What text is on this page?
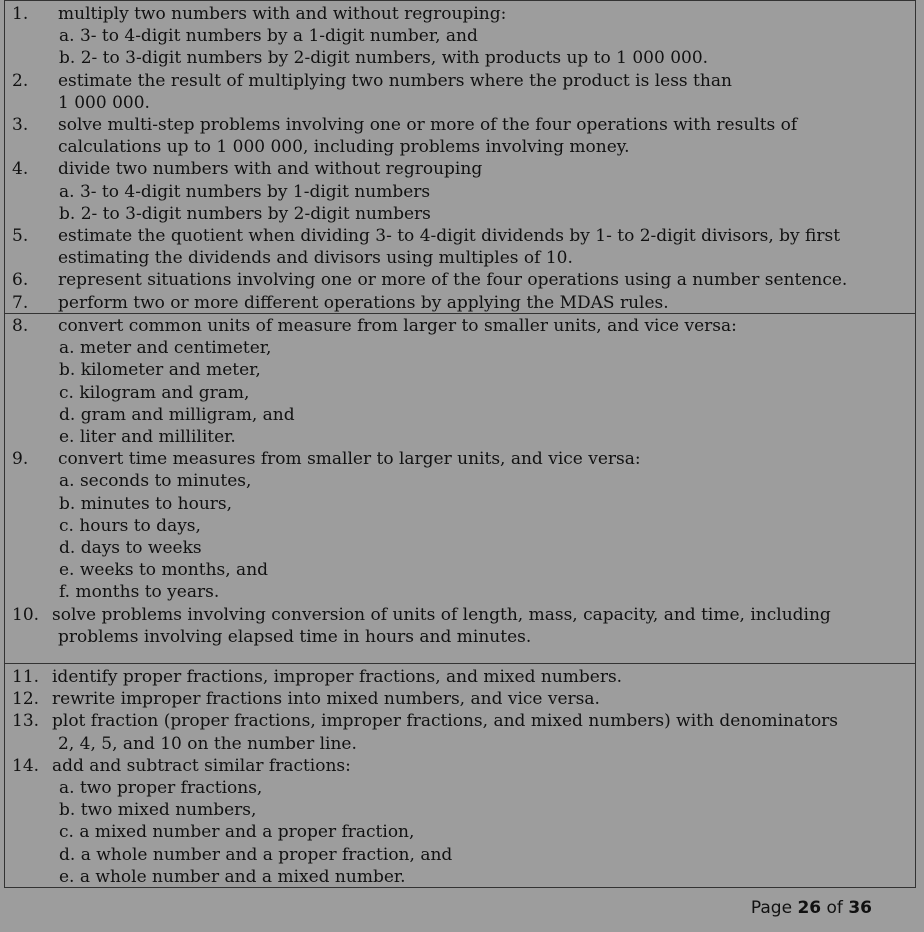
1. multiply two numbers with and without regrouping:
a. 3- to 4-digit numbers by a 1-digit number, and
b. 2- to 3-digit numbers by 2-digit numbers, with products up to 1 000 000.
2. estimate the result of multiplying two numbers where the product is less than
1 000 000.
3. solve multi-step problems involving one or more of the four operations with results of
calculations up to 1 000 000, including problems involving money.
4. divide two numbers with and without regrouping
a. 3- to 4-digit numbers by 1-digit numbers
b. 2- to 3-digit numbers by 2-digit numbers
5. estimate the quotient when dividing 3- to 4-digit dividends by 1- to 2-digit divisors, by first
estimating the dividends and divisors using multiples of 10.
6. represent situations involving one or more of the four operations using a number sentence.
7. perform two or more different operations by applying the MDAS rules.
8. convert common units of measure from larger to smaller units, and vice versa:
a. meter and centimeter,
b. kilometer and meter,
c. kilogram and gram,
d. gram and milligram, and
e. liter and milliliter.
9. convert time measures from smaller to larger units, and vice versa:
a. seconds to minutes,
b. minutes to hours,
c. hours to days,
d. days to weeks
e. weeks to months, and
f. months to years.
10. solve problems involving conversion of units of length, mass, capacity, and time, including
problems involving elapsed time in hours and minutes.
11. identify proper fractions, improper fractions, and mixed numbers.
12. rewrite improper fractions into mixed numbers, and vice versa.
13. plot fraction (proper fractions, improper fractions, and mixed numbers) with denominators
2, 4, 5, and 10 on the number line.
14. add and subtract similar fractions:
a. two proper fractions,
b. two mixed numbers,
c. a mixed number and a proper fraction,
d. a whole number and a proper fraction, and
e. a whole number and a mixed number.
Page 26 of 36
